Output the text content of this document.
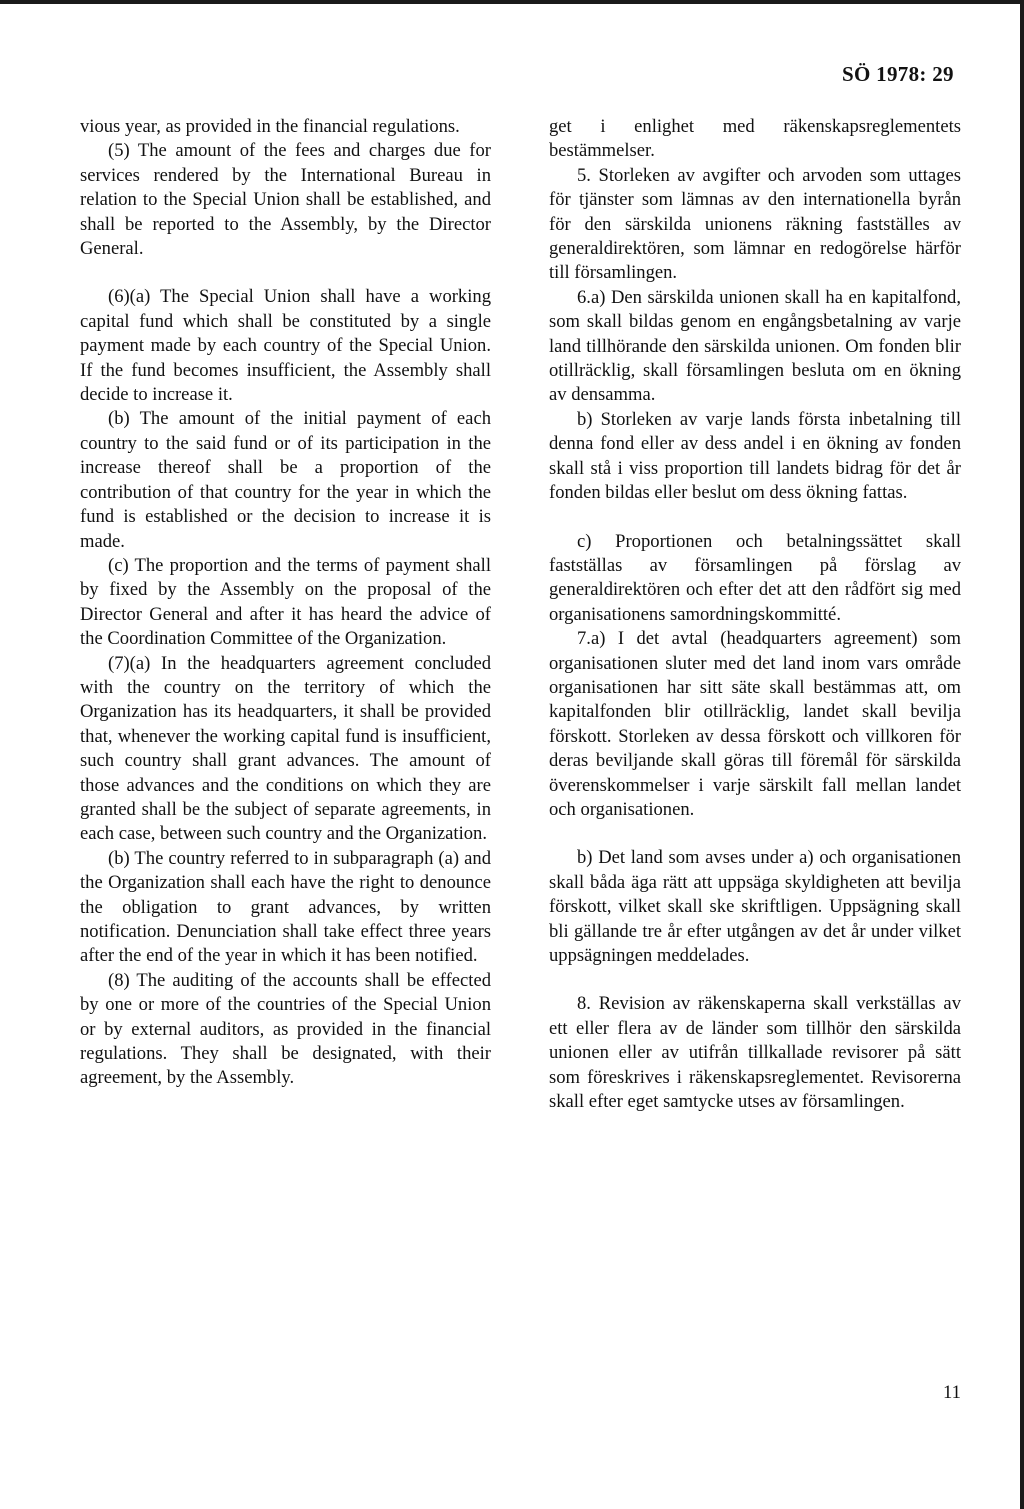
SÖ 1978: 29

vious year, as provided in the financial regulations.

(5) The amount of the fees and charges due for services rendered by the International Bureau in relation to the Special Union shall be established, and shall be reported to the Assembly, by the Director General.

(6)(a) The Special Union shall have a working capital fund which shall be constituted by a single payment made by each country of the Special Union. If the fund becomes insufficient, the Assembly shall decide to increase it.

(b) The amount of the initial payment of each country to the said fund or of its participation in the increase thereof shall be a proportion of the contribution of that country for the year in which the fund is established or the decision to increase it is made.

(c) The proportion and the terms of payment shall by fixed by the Assembly on the proposal of the Director General and after it has heard the advice of the Coordination Committee of the Organization.

(7)(a) In the headquarters agreement concluded with the country on the territory of which the Organization has its headquarters, it shall be provided that, whenever the working capital fund is insufficient, such country shall grant advances. The amount of those advances and the conditions on which they are granted shall be the subject of separate agreements, in each case, between such country and the Organization.

(b) The country referred to in subparagraph (a) and the Organization shall each have the right to denounce the obligation to grant advances, by written notification. Denunciation shall take effect three years after the end of the year in which it has been notified.

(8) The auditing of the accounts shall be effected by one or more of the countries of the Special Union or by external auditors, as provided in the financial regulations. They shall be designated, with their agreement, by the Assembly.

get i enlighet med räkenskapsreglementets bestämmelser.

5. Storleken av avgifter och arvoden som uttages för tjänster som lämnas av den internationella byrån för den särskilda unionens räkning fastställes av generaldirektören, som lämnar en redogörelse härför till församlingen.

6.a) Den särskilda unionen skall ha en kapitalfond, som skall bildas genom en engångsbetalning av varje land tillhörande den särskilda unionen. Om fonden blir otillräcklig, skall församlingen besluta om en ökning av densamma.

b) Storleken av varje lands första inbetalning till denna fond eller av dess andel i en ökning av fonden skall stå i viss proportion till landets bidrag för det år fonden bildas eller beslut om dess ökning fattas.

c) Proportionen och betalningssättet skall fastställas av församlingen på förslag av generaldirektören och efter det att den rådfört sig med organisationens samordningskommitté.

7.a) I det avtal (headquarters agreement) som organisationen sluter med det land inom vars område organisationen har sitt säte skall bestämmas att, om kapitalfonden blir otillräcklig, landet skall bevilja förskott. Storleken av dessa förskott och villkoren för deras beviljande skall göras till föremål för särskilda överenskommelser i varje särskilt fall mellan landet och organisationen.

b) Det land som avses under a) och organisationen skall båda äga rätt att uppsäga skyldigheten att bevilja förskott, vilket skall ske skriftligen. Uppsägning skall bli gällande tre år efter utgången av det år under vilket uppsägningen meddelades.

8. Revision av räkenskaperna skall verkställas av ett eller flera av de länder som tillhör den särskilda unionen eller av utifrån tillkallade revisorer på sätt som föreskrives i räkenskapsreglementet. Revisorerna skall efter eget samtycke utses av församlingen.

11
